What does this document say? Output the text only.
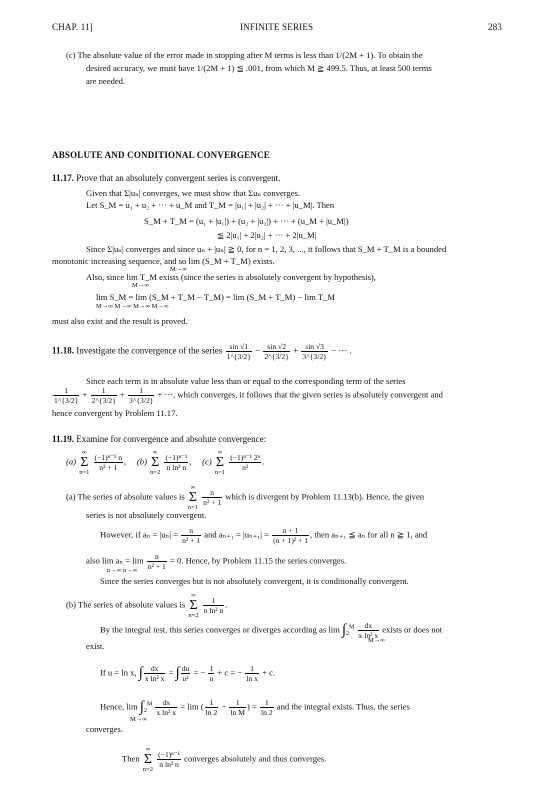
CHAP. 11]	INFINITE SERIES	283
(c) The absolute value of the error made in stopping after M terms is less than 1/(2M + 1). To obtain the
desired accuracy, we must have 1/(2M + 1) ≦ .001, from which M ≧ 499.5. Thus, at least 500 terms
are needed.
ABSOLUTE AND CONDITIONAL CONVERGENCE
11.17. Prove that an absolutely convergent series is convergent.
Given that Σ|uₙ| converges, we must show that Σuₙ converges.
Let S_M = u₁ + u₂ + ··· + u_M and T_M = |u₁| + |u₂| + ··· + |u_M|. Then
S_M + T_M = (u₁ + |u₁|) + (u₂ + |u₂|) + ··· + (u_M + |u_M|)
≦ 2|u₁| + 2|u₂| + ··· + 2|u_M|
Since Σ|uₙ| converges and since uₙ + |uₙ| ≧ 0, for n = 1, 2, 3, ..., it follows that S_M + T_M is a bounded
monotonic increasing sequence, and so lim (S_M + T_M) exists.
M→∞
Also, since lim T_M exists (since the series is absolutely convergent by hypothesis),
M→∞
lim S_M = lim (S_M + T_M − T_M) = lim (S_M + T_M) − lim T_M
M→∞ M→∞ M→∞ M→∞
must also exist and the result is proved.
11.18. Investigate the convergence of the series $\frac{\sin √1}{1\^{}\{3/2\}} - \frac{\sin √2}{2\^{}\{3/2\}} + \frac{\sin √3}{3\^{}\{3/2\}}$ − ··· .
Since each term is in absolute value less than or equal to the corresponding term of the series
$\frac{1}{1\^{}\{3/2\}} + \frac{1}{2\^{}\{3/2\}} + \frac{1}{3\^{}\{3/2\}}$ + ···, which converges, it follows that the given series is absolutely convergent and
hence convergent by Problem 11.17.
11.19. Examine for convergence and absolute convergence:
(a)
∞
Σ
n=1

$\frac{\text{(−1)ⁿ⁻¹ n}}{\text{n² + 1}}$ ,     (b)
∞
Σ
n=2

$\frac{\text{(−1)ⁿ⁻¹}}{\text{n ln² n}}$ ,     (c)
∞
Σ
n=1

$\frac{\text{(−1)ⁿ⁻¹ 2ⁿ}}{\text{n²}}$ .
(a) The series of absolute values is
∞
Σ
n=1

$\frac{n}{\text{n² + 1}}$ which is divergent by Problem 11.13(b). Hence, the given
series is not absolutely convergent.
However, if $a_n = |u_n| = \frac{n}{\text{n² + 1}}$ and $a_{n+1} = |u_{n+1}| = \frac{n + 1}{\text{(n + 1)² + 1}}$ , then aₙ₊₁ ≦ aₙ for all n ≧ 1, and
also $\lim a_n = \lim \frac{n}{\text{n² + 1}} = 0$. Hence, by Problem 11.15 the series converges.
n→∞ n→∞
Since the series converges but is not absolutely convergent, it is conditionally convergent.
(b) The series of absolute values is
∞
Σ
n=2

$\frac{1}{\text{n ln² n}}$ .
By the integral test, this series converges or diverges according as $\lim \int_2^M \frac{dx}{\text{x ln² x}}$ exists or does not
M→∞
exist.
If u = ln x, ∫ $\frac{dx}{\text{x ln² x}}$ = ∫ $\frac{du}{\text{u²}}$ = − $\frac{1}{u} + c$ = − $\frac{1}{\text{ln x}} + c$.
Hence, $\lim \int_2^M \frac{dx}{\text{x ln² x}} = \lim$ ( $\frac{1}{\ln 2} - \frac{1}{\text{ln M}}$ ) = $\frac{1}{\ln 2}$ and the integral exists. Thus, the series
M→∞
converges.
Then
∞
Σ
n=2

$\frac{\text{(−1)ⁿ⁻¹}}{\text{n ln² n}}$ converges absolutely and thus converges.
